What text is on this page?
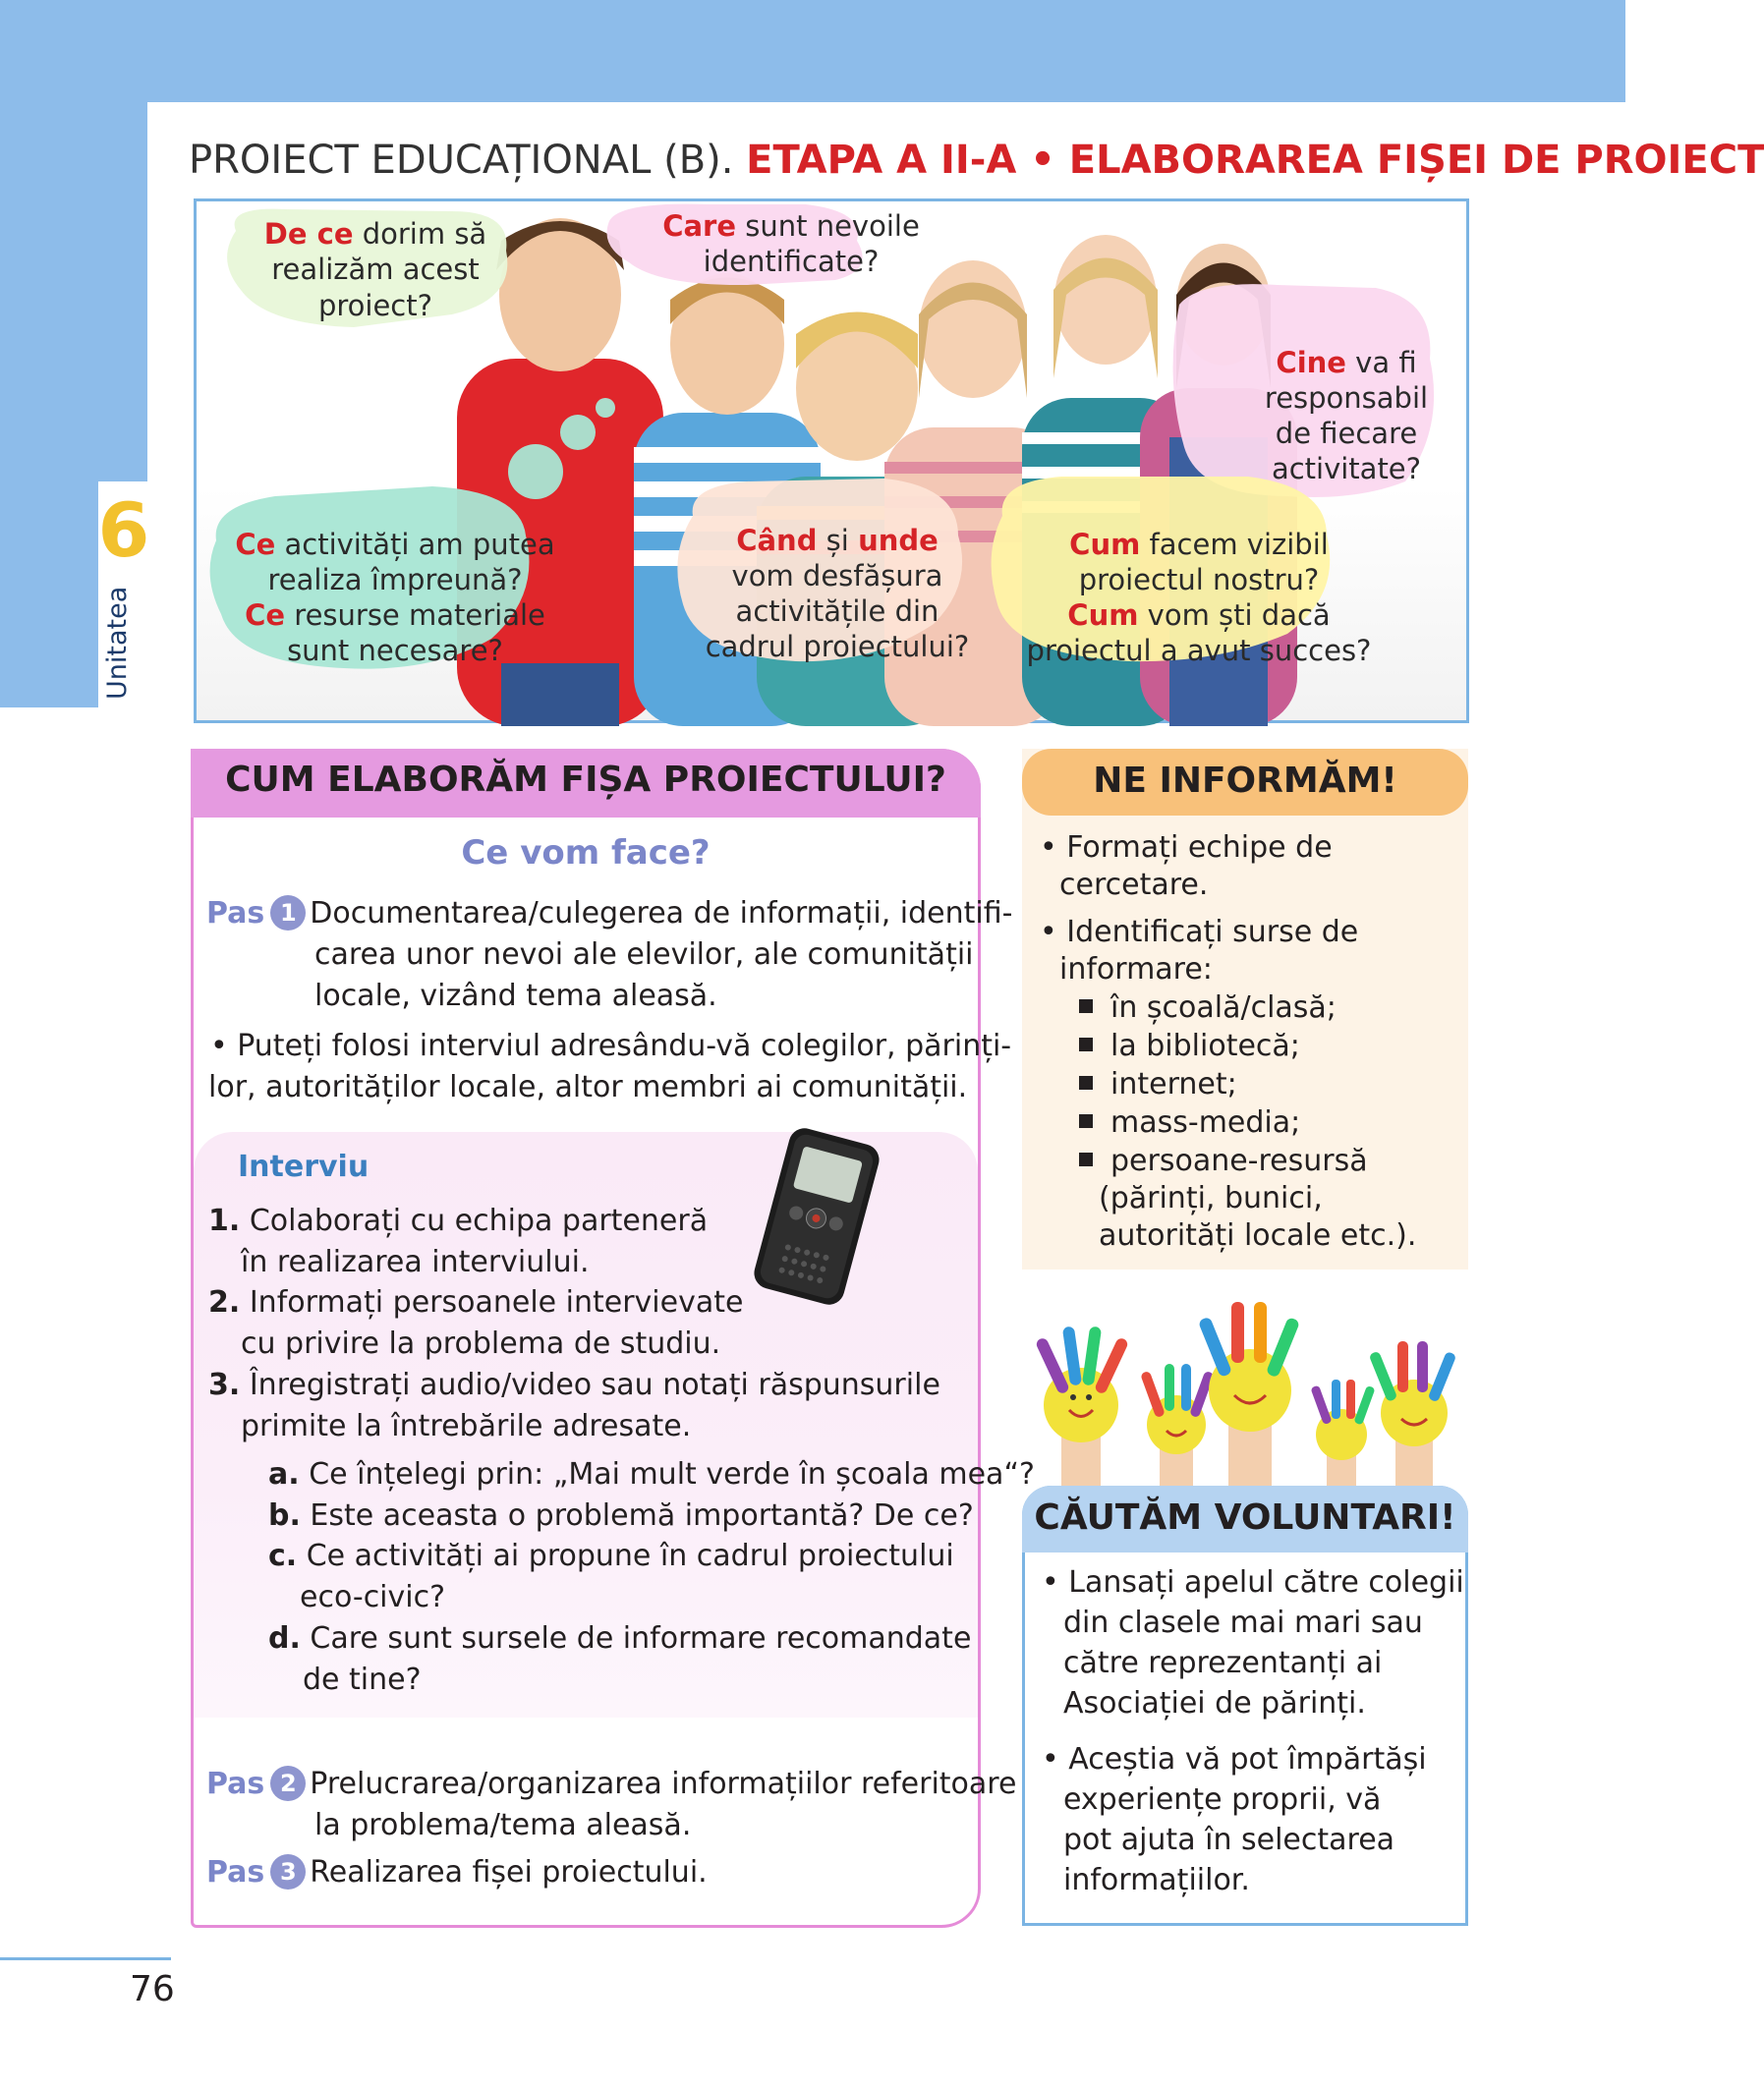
6
Unitatea
PROIECT EDUCAȚIONAL (B). ETAPA A II-A • ELABORAREA FIȘEI DE PROIECT
De ce dorim să
realizăm acest
proiect?
Care sunt nevoile
identificate?
Cine va fi
responsabil
de fiecare
activitate?
Ce activități am putea
realiza împreună?
Ce resurse materiale
sunt necesare?
Când și unde
vom desfășura
activitățile din
cadrul proiectului?
Cum facem vizibil
proiectul nostru?
Cum vom ști dacă
proiectul a avut succes?
CUM ELABORĂM FIȘA PROIECTULUI?
Ce vom face?
Pas 1 Documentarea/culegerea de informații, identifi-
carea unor nevoi ale elevilor, ale comunității
locale, vizând tema aleasă.
• Puteți folosi interviul adresându-vă colegilor, părinți-
lor, autorităților locale, altor membri ai comunității.
Interviu
1. Colaborați cu echipa parteneră
în realizarea interviului.
2. Informați persoanele intervievate
cu privire la problema de studiu.
3. Înregistrați audio/video sau notați răspunsurile
primite la întrebările adresate.
a. Ce înțelegi prin: „Mai mult verde în școala mea“?
b. Este aceasta o problemă importantă? De ce?
c. Ce activități ai propune în cadrul proiectului
eco-civic?
d. Care sunt sursele de informare recomandate
de tine?
Pas 2 Prelucrarea/organizarea informațiilor referitoare
la problema/tema aleasă.
Pas 3 Realizarea fișei proiectului.
NE INFORMĂM!
• Formați echipe de
cercetare.
• Identificați surse de
informare:
în școală/clasă;
la bibliotecă;
internet;
mass-media;
persoane-resursă
(părinți, bunici,
autorități locale etc.).
CĂUTĂM VOLUNTARI!
• Lansați apelul către colegii
din clasele mai mari sau
către reprezentanți ai
Asociației de părinți.
• Aceștia vă pot împărtăși
experiențe proprii, vă
pot ajuta în selectarea
informațiilor.
76
